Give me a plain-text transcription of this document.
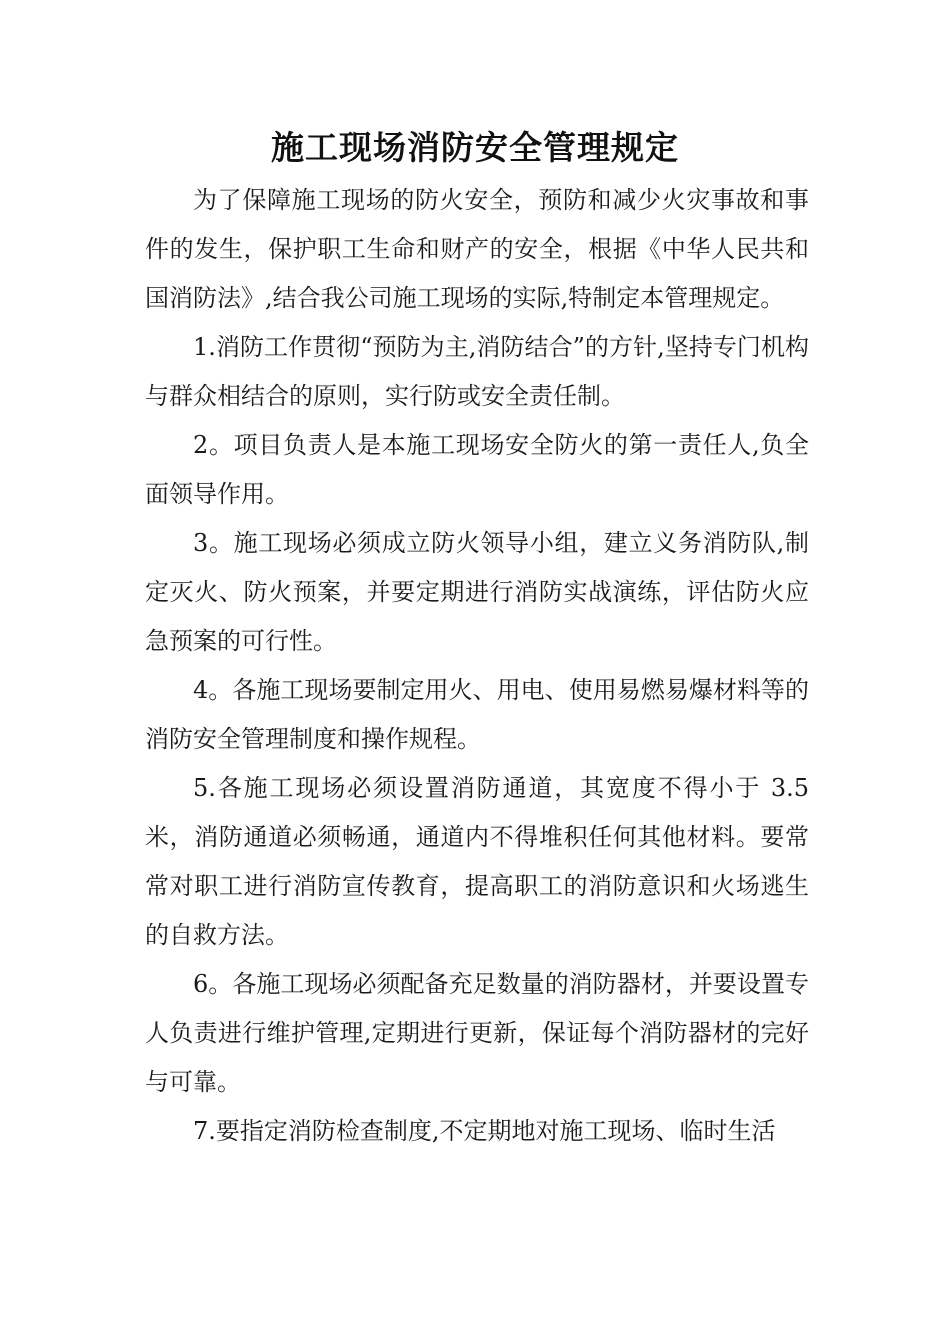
施工现场消防安全管理规定

为了保障施工现场的防火安全，预防和减少火灾事故和事件的发生，保护职工生命和财产的安全，根据《中华人民共和国消防法》,结合我公司施工现场的实际,特制定本管理规定。

1.消防工作贯彻“预防为主,消防结合”的方针,坚持专门机构与群众相结合的原则，实行防或安全责任制。

2。项目负责人是本施工现场安全防火的第一责任人,负全面领导作用。

3。施工现场必须成立防火领导小组，建立义务消防队,制定灭火、防火预案，并要定期进行消防实战演练，评估防火应急预案的可行性。

4。各施工现场要制定用火、用电、使用易燃易爆材料等的消防安全管理制度和操作规程。

5.各施工现场必须设置消防通道，其宽度不得小于 3.5 米，消防通道必须畅通，通道内不得堆积任何其他材料。要常常对职工进行消防宣传教育，提高职工的消防意识和火场逃生的自救方法。

6。各施工现场必须配备充足数量的消防器材，并要设置专人负责进行维护管理,定期进行更新，保证每个消防器材的完好与可靠。

7.要指定消防检查制度,不定期地对施工现场、临时生活
